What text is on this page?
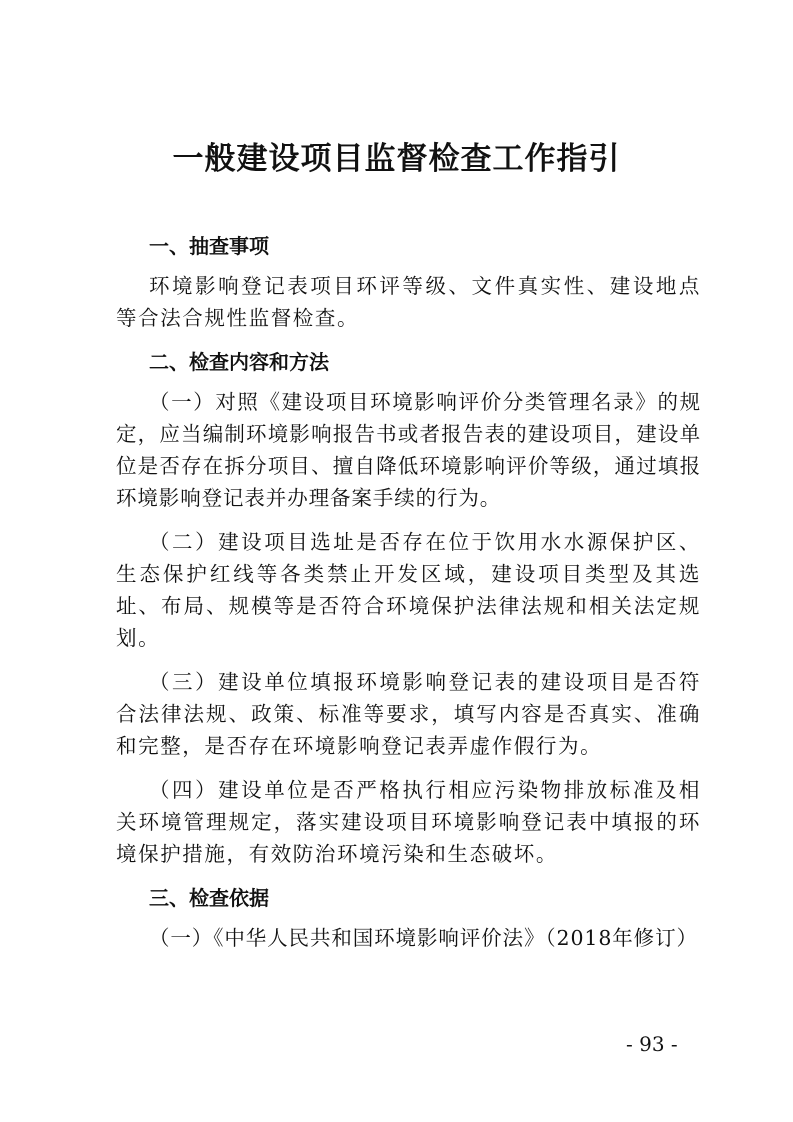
一般建设项目监督检查工作指引
一、抽查事项

环境影响登记表项目环评等级、文件真实性、建设地点等合法合规性监督检查。

二、检查内容和方法

（一）对照《建设项目环境影响评价分类管理名录》的规定，应当编制环境影响报告书或者报告表的建设项目，建设单位是否存在拆分项目、擅自降低环境影响评价等级，通过填报环境影响登记表并办理备案手续的行为。

（二）建设项目选址是否存在位于饮用水水源保护区、生态保护红线等各类禁止开发区域，建设项目类型及其选址、布局、规模等是否符合环境保护法律法规和相关法定规划。

（三）建设单位填报环境影响登记表的建设项目是否符合法律法规、政策、标准等要求，填写内容是否真实、准确和完整，是否存在环境影响登记表弄虚作假行为。

（四）建设单位是否严格执行相应污染物排放标准及相关环境管理规定，落实建设项目环境影响登记表中填报的环境保护措施，有效防治环境污染和生态破坏。

三、检查依据

（一）《中华人民共和国环境影响评价法》（2018年修订）

- 93 -
